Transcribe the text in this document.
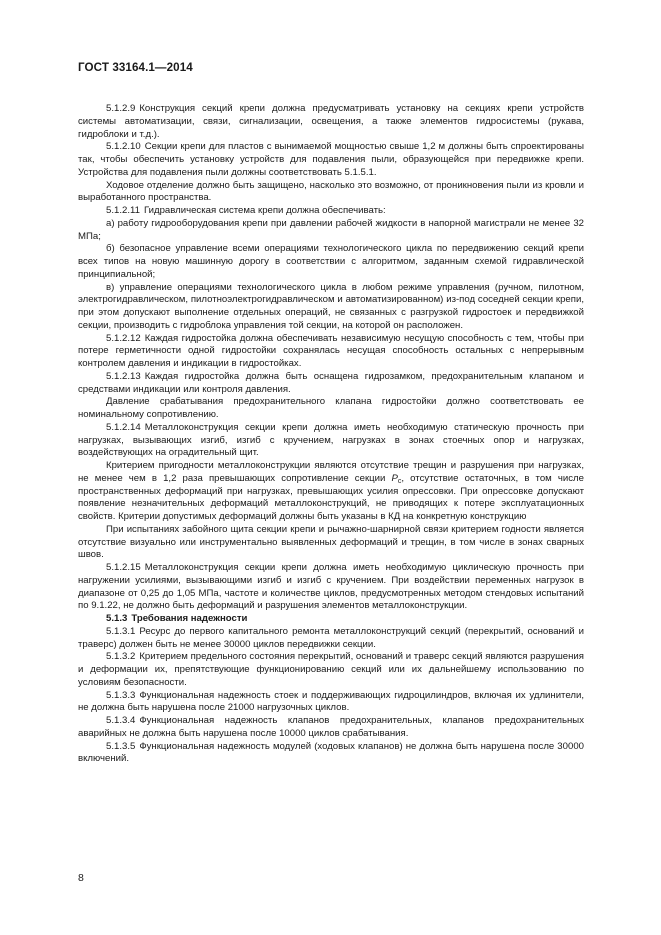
ГОСТ 33164.1—2014

5.1.2.9 Конструкция секций крепи должна предусматривать установку на секциях крепи устройств системы автоматизации, связи, сигнализации, освещения, а также элементов гидросистемы (рукава, гидроблоки и т.д.).

5.1.2.10 Секции крепи для пластов с вынимаемой мощностью свыше 1,2 м должны быть спроектированы так, чтобы обеспечить установку устройств для подавления пыли, образующейся при передвижке крепи. Устройства для подавления пыли должны соответствовать 5.1.5.1.

Ходовое отделение должно быть защищено, насколько это возможно, от проникновения пыли из кровли и выработанного пространства.

5.1.2.11 Гидравлическая система крепи должна обеспечивать:

а) работу гидрооборудования крепи при давлении рабочей жидкости в напорной магистрали не менее 32 МПа;

б) безопасное управление всеми операциями технологического цикла по передвижению секций крепи всех типов на новую машинную дорогу в соответствии с алгоритмом, заданным схемой гидравлической принципиальной;

в) управление операциями технологического цикла в любом режиме управления (ручном, пилотном, электрогидравлическом, пилотноэлектрогидравлическом и автоматизированном) из-под соседней секции крепи, при этом допускают выполнение отдельных операций, не связанных с разгрузкой гидростоек и передвижкой секции, производить с гидроблока управления той секции, на которой он расположен.

5.1.2.12 Каждая гидростойка должна обеспечивать независимую несущую способность с тем, чтобы при потере герметичности одной гидростойки сохранялась несущая способность остальных с непрерывным контролем давления и индикации в гидростойках.

5.1.2.13 Каждая гидростойка должна быть оснащена гидрозамком, предохранительным клапаном и средствами индикации или контроля давления.

Давление срабатывания предохранительного клапана гидростойки должно соответствовать ее номинальному сопротивлению.

5.1.2.14 Металлоконструкция секции крепи должна иметь необходимую статическую прочность при нагрузках, вызывающих изгиб, изгиб с кручением, нагрузках в зонах стоечных опор и нагрузках, воздействующих на оградительный щит.

Критерием пригодности металлоконструкции являются отсутствие трещин и разрушения при нагрузках, не менее чем в 1,2 раза превышающих сопротивление секции $P_c$, отсутствие остаточных, в том числе пространственных деформаций при нагрузках, превышающих усилия опрессовки. При опрессовке допускают появление незначительных деформаций металлоконструкций, не приводящих к потере эксплуатационных свойств. Критерии допустимых деформаций должны быть указаны в КД на конкретную конструкцию

При испытаниях забойного щита секции крепи и рычажно-шарнирной связи критерием годности является отсутствие визуально или инструментально выявленных деформаций и трещин, в том числе в зонах сварных швов.

5.1.2.15 Металлоконструкция секции крепи должна иметь необходимую циклическую прочность при нагружении усилиями, вызывающими изгиб и изгиб с кручением. При воздействии переменных нагрузок в диапазоне от 0,25 до 1,05 МПа, частоте и количестве циклов, предусмотренных методом стендовых испытаний по 9.1.22, не должно быть деформаций и разрушения элементов металлоконструкции.

5.1.3 Требования надежности

5.1.3.1 Ресурс до первого капитального ремонта металлоконструкций секций (перекрытий, оснований и траверс) должен быть не менее 30000 циклов передвижки секции.

5.1.3.2 Критерием предельного состояния перекрытий, оснований и траверс секций являются разрушения и деформации их, препятствующие функционированию секций или их дальнейшему использованию по условиям безопасности.

5.1.3.3 Функциональная надежность стоек и поддерживающих гидроцилиндров, включая их удлинители, не должна быть нарушена после 21000 нагрузочных циклов.

5.1.3.4 Функциональная надежность клапанов предохранительных, клапанов предохранительных аварийных не должна быть нарушена после 10000 циклов срабатывания.

5.1.3.5 Функциональная надежность модулей (ходовых клапанов) не должна быть нарушена после 30000 включений.

8
